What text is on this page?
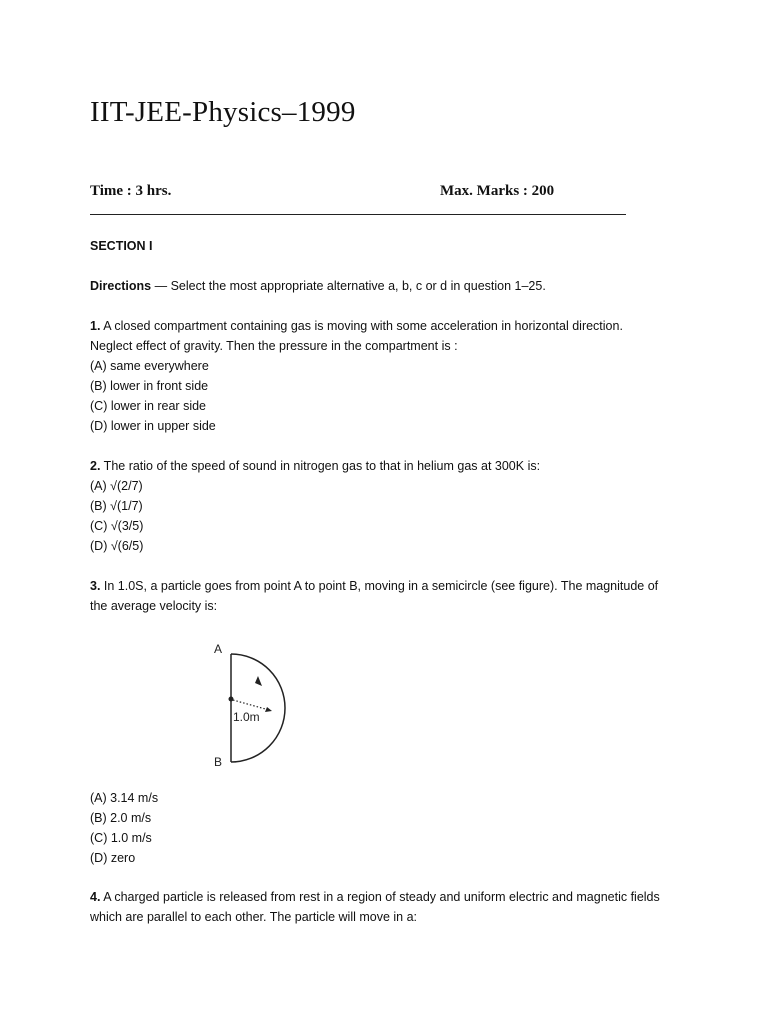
IIT-JEE-Physics–1999
Time : 3 hrs.	Max. Marks : 200
SECTION I
Directions — Select the most appropriate alternative a, b, c or d in question 1–25.
1. A closed compartment containing gas is moving with some acceleration in horizontal direction.
Neglect effect of gravity. Then the pressure in the compartment is :
(A) same everywhere
(B) lower in front side
(C) lower in rear side
(D) lower in upper side
2. The ratio of the speed of sound in nitrogen gas to that in helium gas at 300K is:
(A) √(2/7)
(B) √(1/7)
(C) √(3/5)
(D) √(6/5)
3. In 1.0S, a particle goes from point A to point B, moving in a semicircle (see figure). The magnitude of
the average velocity is:
A
B
1.0m
(A) 3.14 m/s
(B) 2.0 m/s
(C) 1.0 m/s
(D) zero
4. A charged particle is released from rest in a region of steady and uniform electric and magnetic fields
which are parallel to each other. The particle will move in a:
